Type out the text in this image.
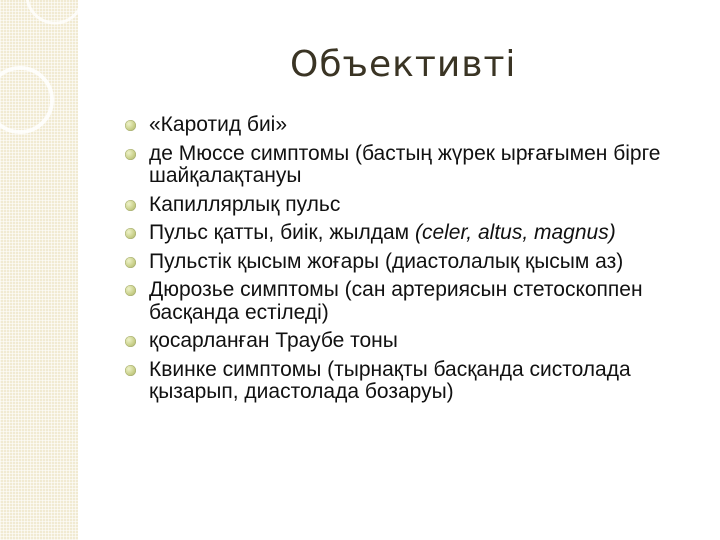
Объективті
«Каротид биі»
де Мюссе симптомы (бастың жүрек ырғағымен бірге шайқалақтануы
Капиллярлық пульс
Пульс қатты, биік, жылдам (celer, altus, magnus)
Пульстік қысым жоғары (диастолалық қысым аз)
Дюрозье симптомы (сан артериясын стетоскоппен басқанда естіледі)
қосарланған Траубе тоны
Квинке симптомы (тырнақты басқанда систолада қызарып, диастолада бозаруы)
